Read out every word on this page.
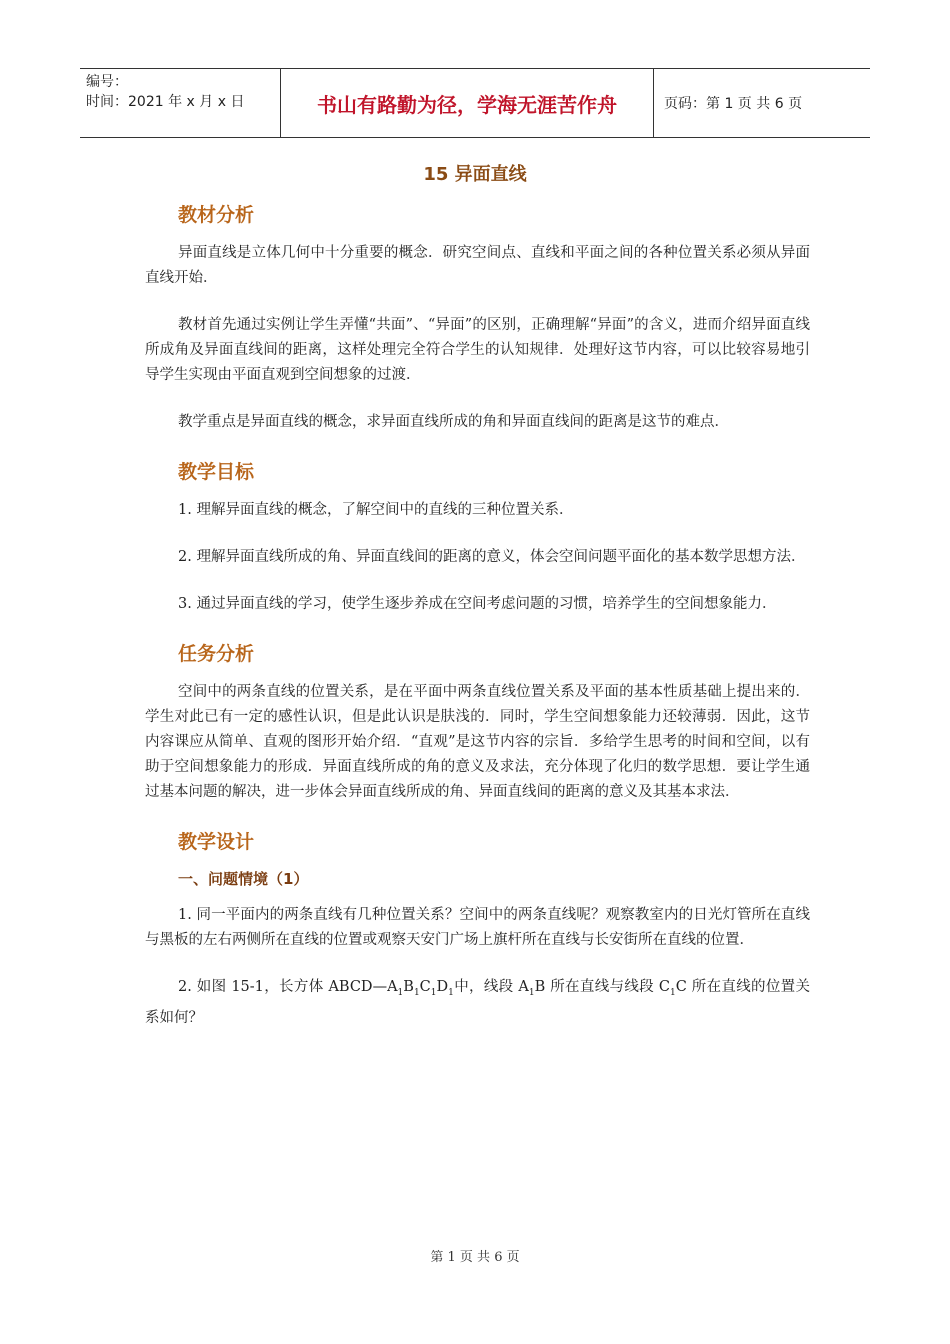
编号：
时间：2021 年 x 月 x 日	书山有路勤为径，学海无涯苦作舟	页码：第 1 页 共 6 页
15 异面直线
教材分析

异面直线是立体几何中十分重要的概念．研究空间点、直线和平面之间的各种位置关系必须从异面直线开始．

教材首先通过实例让学生弄懂“共面”、“异面”的区别，正确理解“异面”的含义，进而介绍异面直线所成角及异面直线间的距离，这样处理完全符合学生的认知规律．处理好这节内容，可以比较容易地引导学生实现由平面直观到空间想象的过渡．

教学重点是异面直线的概念，求异面直线所成的角和异面直线间的距离是这节的难点．

教学目标

1. 理解异面直线的概念，了解空间中的直线的三种位置关系．

2. 理解异面直线所成的角、异面直线间的距离的意义，体会空间问题平面化的基本数学思想方法．

3. 通过异面直线的学习，使学生逐步养成在空间考虑问题的习惯，培养学生的空间想象能力．

任务分析

空间中的两条直线的位置关系，是在平面中两条直线位置关系及平面的基本性质基础上提出来的．学生对此已有一定的感性认识，但是此认识是肤浅的．同时，学生空间想象能力还较薄弱．因此，这节内容课应从简单、直观的图形开始介绍．“直观”是这节内容的宗旨．多给学生思考的时间和空间，以有助于空间想象能力的形成．异面直线所成的角的意义及求法，充分体现了化归的数学思想．要让学生通过基本问题的解决，进一步体会异面直线所成的角、异面直线间的距离的意义及其基本求法．

教学设计
一、问题情境（1）

1. 同一平面内的两条直线有几种位置关系？空间中的两条直线呢？观察教室内的日光灯管所在直线与黑板的左右两侧所在直线的位置或观察天安门广场上旗杆所在直线与长安街所在直线的位置．

2. 如图 15-1，长方体 $ABCD—A_1B_1C_1D_1$中，线段 $A_1B$ 所在直线与线段 $C_1C$ 所在直线的位置关系如何？

第 1 页 共 6 页
